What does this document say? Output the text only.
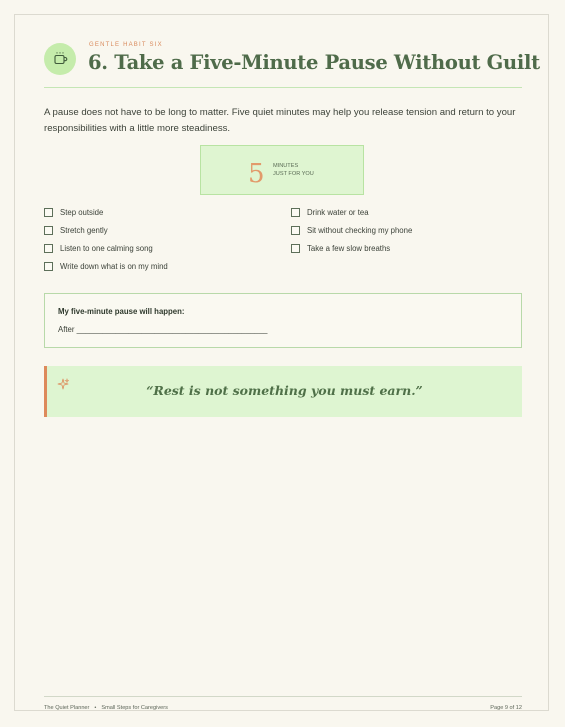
GENTLE HABIT SIX
6. Take a Five-Minute Pause Without Guilt

A pause does not have to be long to matter. Five quiet minutes may help you release tension and return to your responsibilities with a little more steadiness.

5 MINUTES
JUST FOR YOU
Step outside
Stretch gently
Listen to one calming song
Write down what is on my mind
Drink water or tea
Sit without checking my phone
Take a few slow breaths
My five-minute pause will happen:
After ____________________________________________
“Rest is not something you must earn.”
The Quiet Planner • Small Steps for Caregivers	Page 9 of 12
